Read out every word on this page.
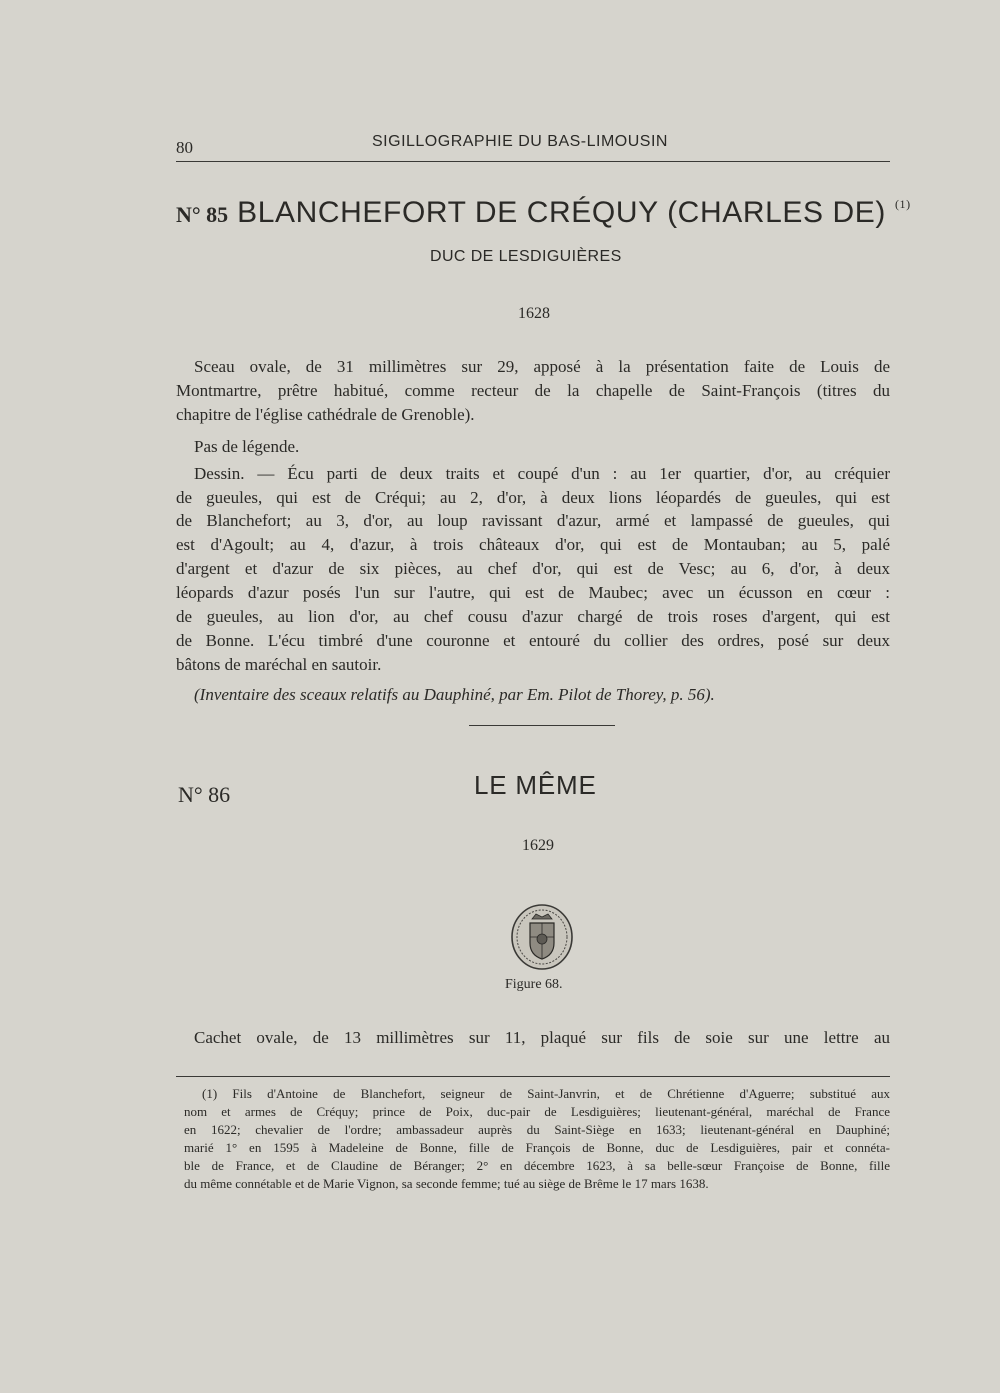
80	SIGILLOGRAPHIE DU BAS-LIMOUSIN
N° 85 BLANCHEFORT DE CRÉQUY (CHARLES DE) $^{(1)}$
DUC DE LESDIGUIÈRES
1628
Sceau ovale, de 31 millimètres sur 29, apposé à la présentation faite de Louis de
Montmartre, prêtre habitué, comme recteur de la chapelle de Saint-François (titres du
chapitre de l'église cathédrale de Grenoble).
Pas de légende.
Dessin. — Écu parti de deux traits et coupé d'un : au 1er quartier, d'or, au créquier
de gueules, qui est de Créqui; au 2, d'or, à deux lions léopardés de gueules, qui est
de Blanchefort; au 3, d'or, au loup ravissant d'azur, armé et lampassé de gueules, qui
est d'Agoult; au 4, d'azur, à trois châteaux d'or, qui est de Montauban; au 5, palé
d'argent et d'azur de six pièces, au chef d'or, qui est de Vesc; au 6, d'or, à deux
léopards d'azur posés l'un sur l'autre, qui est de Maubec; avec un écusson en cœur :
de gueules, au lion d'or, au chef cousu d'azur chargé de trois roses d'argent, qui est
de Bonne. L'écu timbré d'une couronne et entouré du collier des ordres, posé sur deux
bâtons de maréchal en sautoir.
(Inventaire des sceaux relatifs au Dauphiné, par Em. Pilot de Thorey, p. 56).
N° 86	LE MÊME
1629
Figure 68.
Cachet ovale, de 13 millimètres sur 11, plaqué sur fils de soie sur une lettre au
(1) Fils d'Antoine de Blanchefort, seigneur de Saint-Janvrin, et de Chrétienne d'Aguerre; substitué aux
nom et armes de Créquy; prince de Poix, duc-pair de Lesdiguières; lieutenant-général, maréchal de France
en 1622; chevalier de l'ordre; ambassadeur auprès du Saint-Siège en 1633; lieutenant-général en Dauphiné;
marié 1° en 1595 à Madeleine de Bonne, fille de François de Bonne, duc de Lesdiguières, pair et connéta-
ble de France, et de Claudine de Béranger; 2° en décembre 1623, à sa belle-sœur Françoise de Bonne, fille
du même connétable et de Marie Vignon, sa seconde femme; tué au siège de Brême le 17 mars 1638.
